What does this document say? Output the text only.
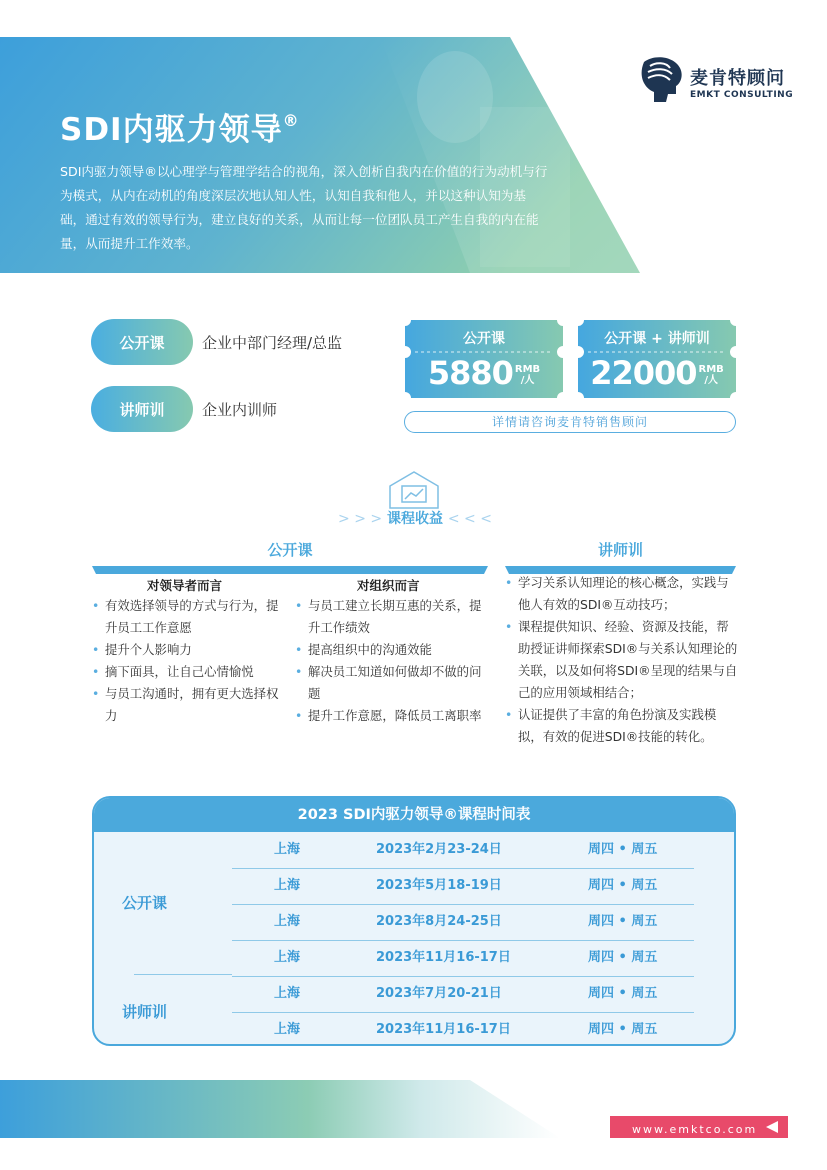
SDI内驱力领导®
SDI内驱力领导®以心理学与管理学结合的视角，深入创析自我内在价值的行为动机与行为模式，从内在动机的角度深层次地认知人性，认知自我和他人，并以这种认知为基础，通过有效的领导行为，建立良好的关系，从而让每一位团队员工产生自我的内在能量，从而提升工作效率。
麦肯特顾问
EMKT CONSULTING
公开课	企业中部门经理/总监
讲师训	企业内训师
公开课
5880 RMB
/人
公开课 + 讲师训
22000 RMB
/人
详情请咨询麦肯特销售顾问
> > > 课程收益 < < <
公开课	讲师训
对领导者而言	对组织而言
• 有效选择领导的方式与行为，提升员工工作意愿
• 提升个人影响力
• 摘下面具，让自己心情愉悦
• 与员工沟通时，拥有更大选择权力
• 与员工建立长期互惠的关系，提升工作绩效
• 提高组织中的沟通效能
• 解决员工知道如何做却不做的问题
• 提升工作意愿，降低员工离职率
• 学习关系认知理论的核心概念，实践与他人有效的SDI®互动技巧；
• 课程提供知识、经验、资源及技能，帮助授证讲师探索SDI®与关系认知理论的关联，以及如何将SDI®呈现的结果与自己的应用领域相结合；
• 认证提供了丰富的角色扮演及实践模拟，有效的促进SDI®技能的转化。
2023 SDI内驱力领导®课程时间表
公开课
讲师训
上海	2023年2月23-24日	周四 • 周五
上海	2023年5月18-19日	周四 • 周五
上海	2023年8月24-25日	周四 • 周五
上海	2023年11月16-17日	周四 • 周五
上海	2023年7月20-21日	周四 • 周五
上海	2023年11月16-17日	周四 • 周五
www.emktco.com
